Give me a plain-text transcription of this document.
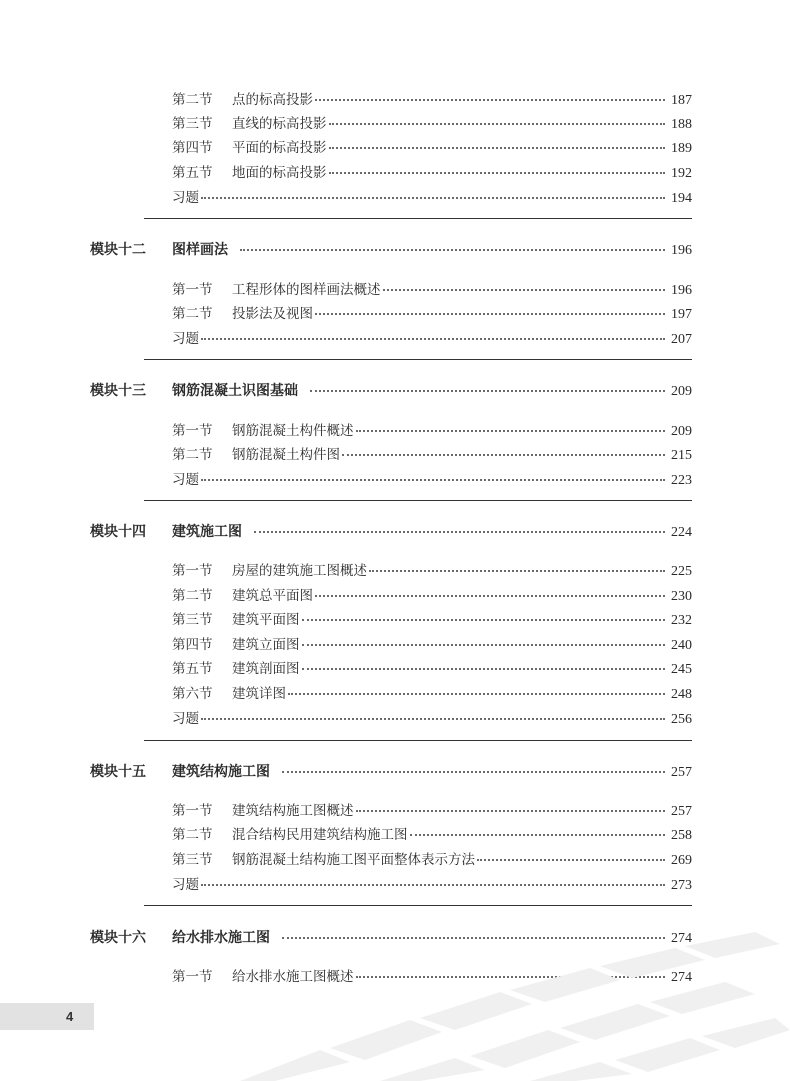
第二节	点的标高投影	187
第三节	直线的标高投影	188
第四节	平面的标高投影	189
第五节	地面的标高投影	192
习题	194
模块十二	图样画法	196
第一节	工程形体的图样画法概述	196
第二节	投影法及视图	197
习题	207
模块十三	钢筋混凝土识图基础	209
第一节	钢筋混凝土构件概述	209
第二节	钢筋混凝土构件图	215
习题	223
模块十四	建筑施工图	224
第一节	房屋的建筑施工图概述	225
第二节	建筑总平面图	230
第三节	建筑平面图	232
第四节	建筑立面图	240
第五节	建筑剖面图	245
第六节	建筑详图	248
习题	256
模块十五	建筑结构施工图	257
第一节	建筑结构施工图概述	257
第二节	混合结构民用建筑结构施工图	258
第三节	钢筋混凝土结构施工图平面整体表示方法	269
习题	273
模块十六	给水排水施工图	274
第一节	给水排水施工图概述	274
4
